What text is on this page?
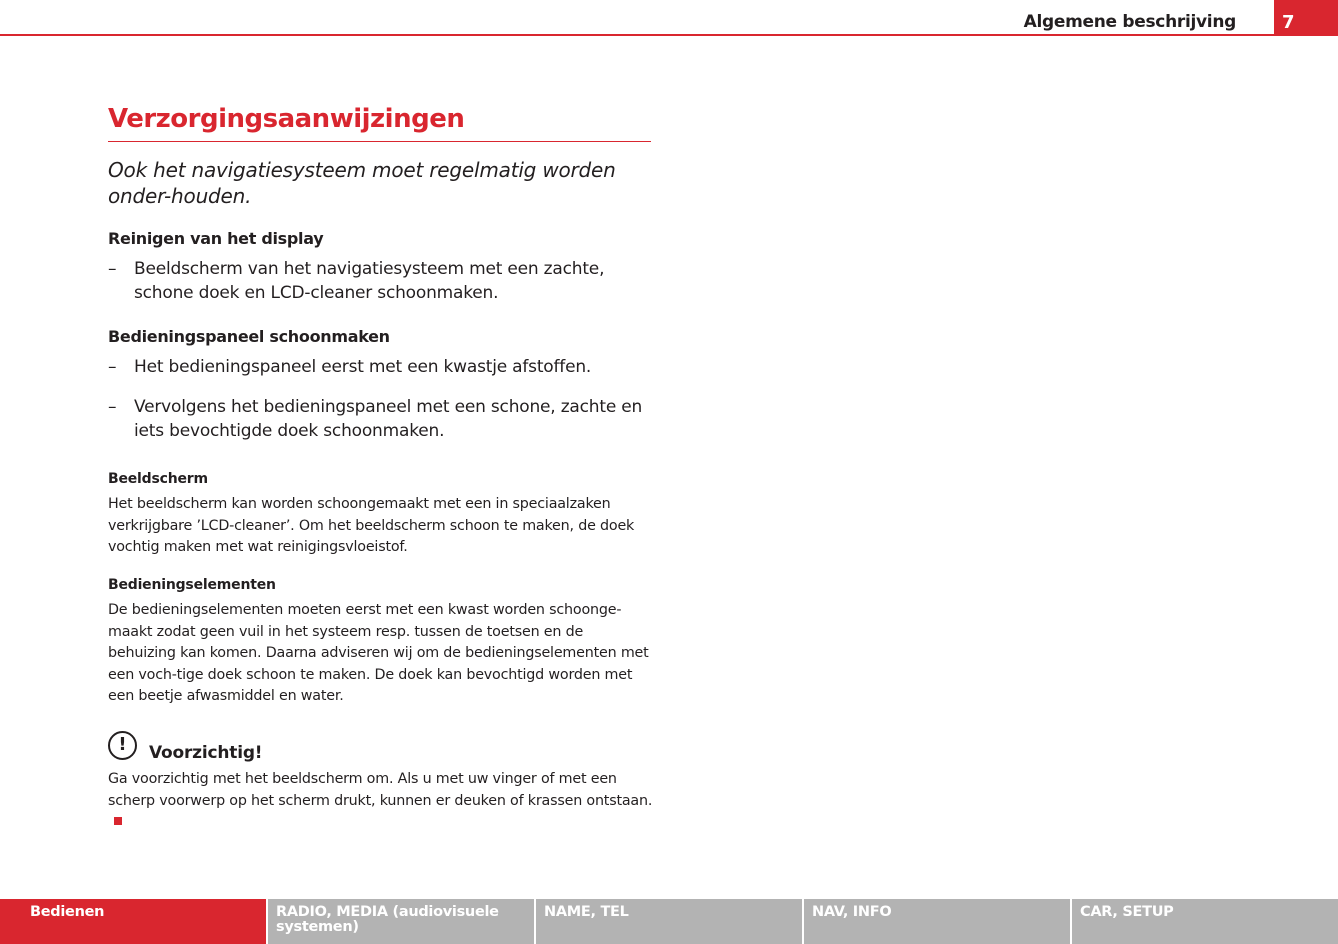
Algemene beschrijving	7
Verzorgingsaanwijzingen
Ook het navigatiesysteem moet regelmatig worden onder-houden.
Reinigen van het display
– Beeldscherm van het navigatiesysteem met een zachte, schone doek en LCD-cleaner schoonmaken.
Bedieningspaneel schoonmaken
– Het bedieningspaneel eerst met een kwastje afstoffen.
– Vervolgens het bedieningspaneel met een schone, zachte en iets bevochtigde doek schoonmaken.
Beeldscherm
Het beeldscherm kan worden schoongemaakt met een in speciaalzaken verkrijgbare ’LCD-cleaner’. Om het beeldscherm schoon te maken, de doek vochtig maken met wat reinigingsvloeistof.
Bedieningselementen
De bedieningselementen moeten eerst met een kwast worden schoonge-maakt zodat geen vuil in het systeem resp. tussen de toetsen en de behuizing kan komen. Daarna adviseren wij om de bedieningselementen met een voch-tige doek schoon te maken. De doek kan bevochtigd worden met een beetje afwasmiddel en water.
!	Voorzichtig!
Ga voorzichtig met het beeldscherm om. Als u met uw vinger of met een scherp voorwerp op het scherm drukt, kunnen er deuken of krassen ontstaan.
Bedienen	RADIO, MEDIA (audiovisuele systemen)
NAME, TEL	NAV, INFO	CAR, SETUP
